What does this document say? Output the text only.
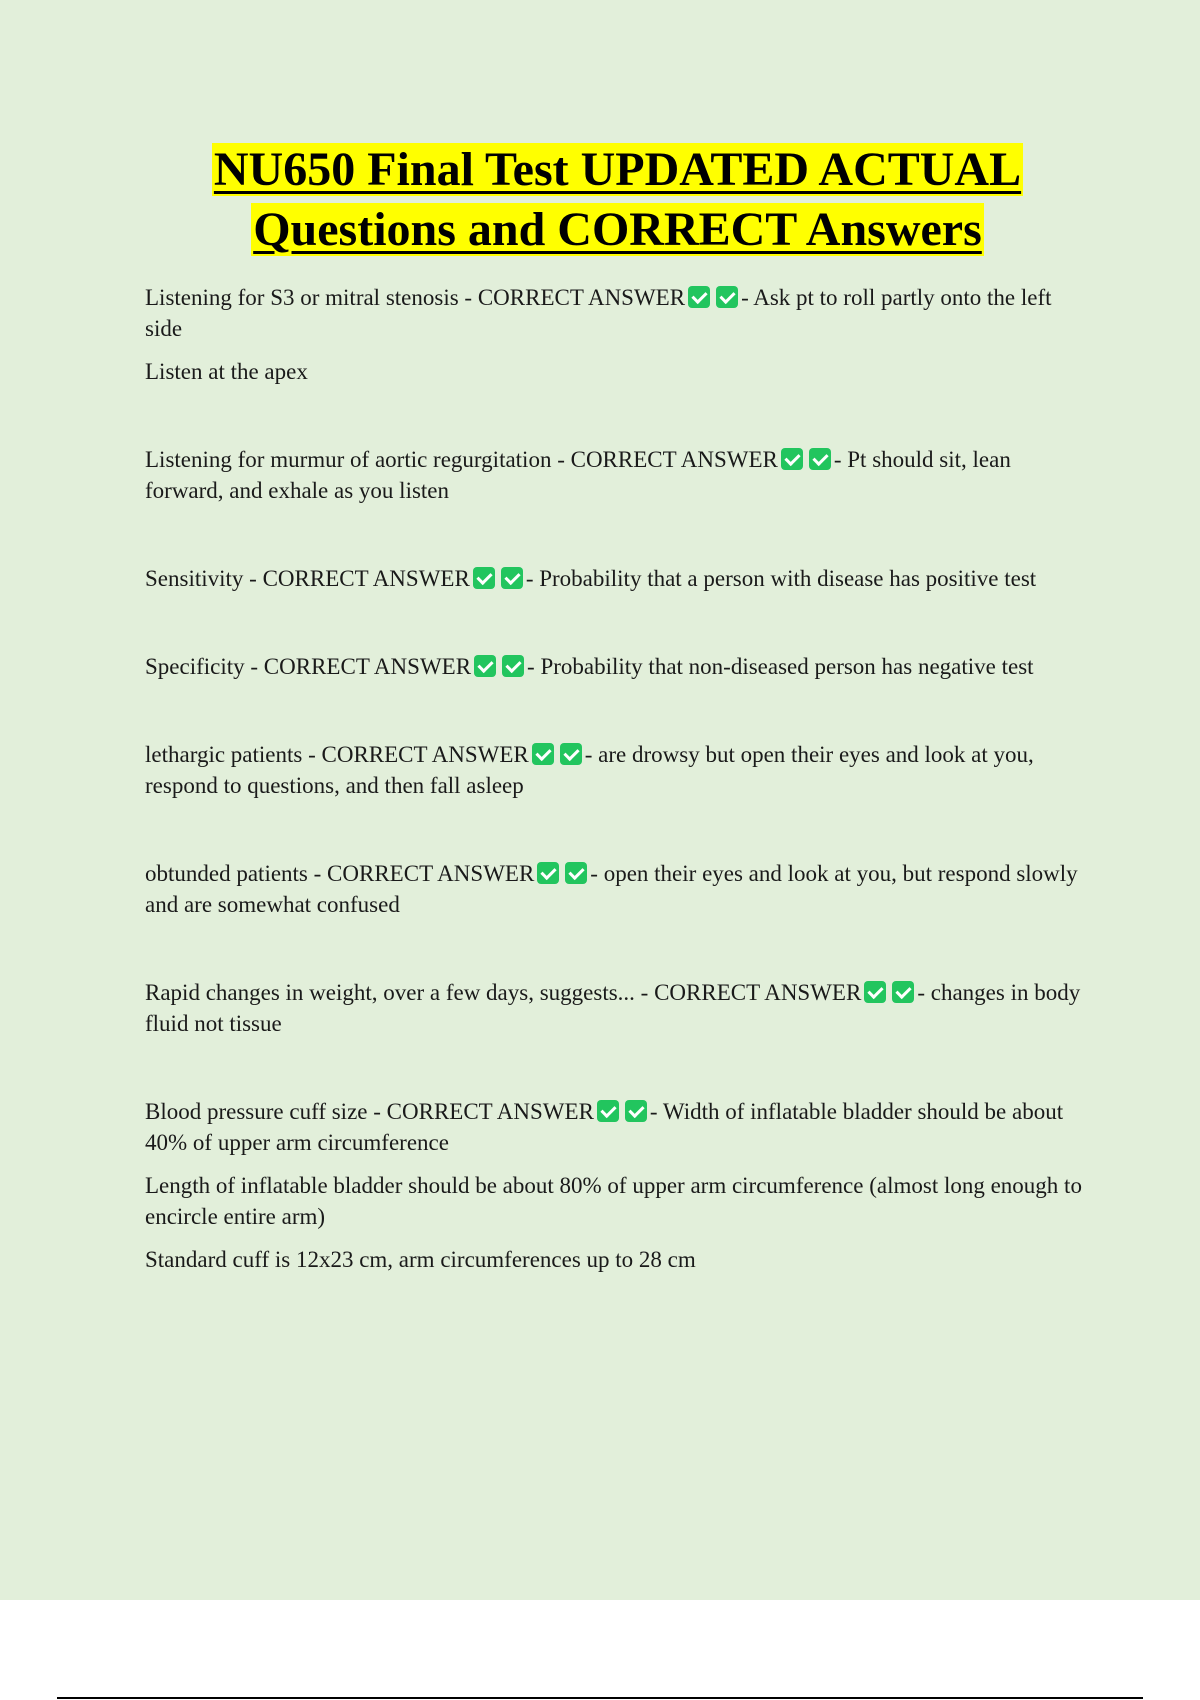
NU650 Final Test UPDATED ACTUAL
Questions and CORRECT Answers

Listening for S3 or mitral stenosis - CORRECT ANSWER - Ask pt to roll partly onto the left side

Listen at the apex

Listening for murmur of aortic regurgitation - CORRECT ANSWER - Pt should sit, lean forward, and exhale as you listen

Sensitivity - CORRECT ANSWER - Probability that a person with disease has positive test

Specificity - CORRECT ANSWER - Probability that non-diseased person has negative test

lethargic patients - CORRECT ANSWER - are drowsy but open their eyes and look at you, respond to questions, and then fall asleep

obtunded patients - CORRECT ANSWER - open their eyes and look at you, but respond slowly and are somewhat confused

Rapid changes in weight, over a few days, suggests... - CORRECT ANSWER - changes in body fluid not tissue

Blood pressure cuff size - CORRECT ANSWER - Width of inflatable bladder should be about 40% of upper arm circumference

Length of inflatable bladder should be about 80% of upper arm circumference (almost long enough to encircle entire arm)

Standard cuff is 12x23 cm, arm circumferences up to 28 cm
